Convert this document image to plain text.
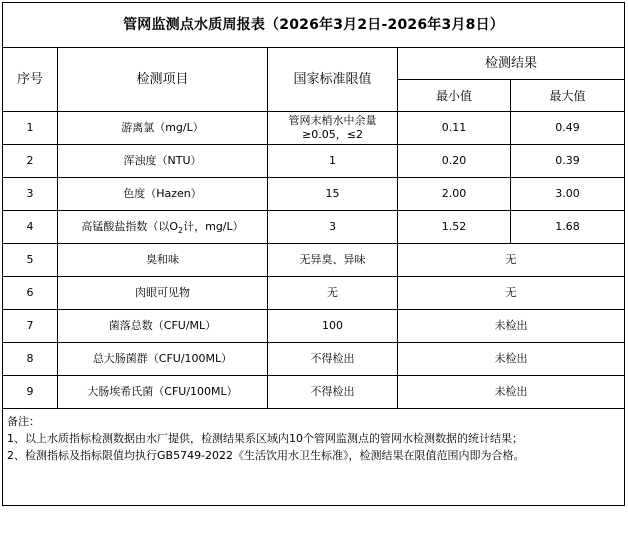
管网监测点水质周报表（2026年3月2日-2026年3月8日）				
序号	检测项目	国家标准限值	检测结果	
			最小值	最大值
1	游离氯（mg/L）	管网末梢水中余量≥0.05，≤2	0.11	0.49
2	浑浊度（NTU）	1	0.20	0.39
3	色度（Hazen）	15	2.00	3.00
4	高锰酸盐指数（以$O_2$计，mg/L）	3	1.52	1.68
5	臭和味	无异臭、异味	无	
6	肉眼可见物	无	无	
7	菌落总数（CFU/ML）	100	未检出	
8	总大肠菌群（CFU/100ML）	不得检出	未检出	
9	大肠埃希氏菌（CFU/100ML）	不得检出	未检出	

备注：
1、以上水质指标检测数据由水厂提供，检测结果系区域内10个管网监测点的管网水检测数据的统计结果；
2、检测指标及指标限值均执行GB5749-2022《生活饮用水卫生标准》，检测结果在限值范围内即为合格。				
